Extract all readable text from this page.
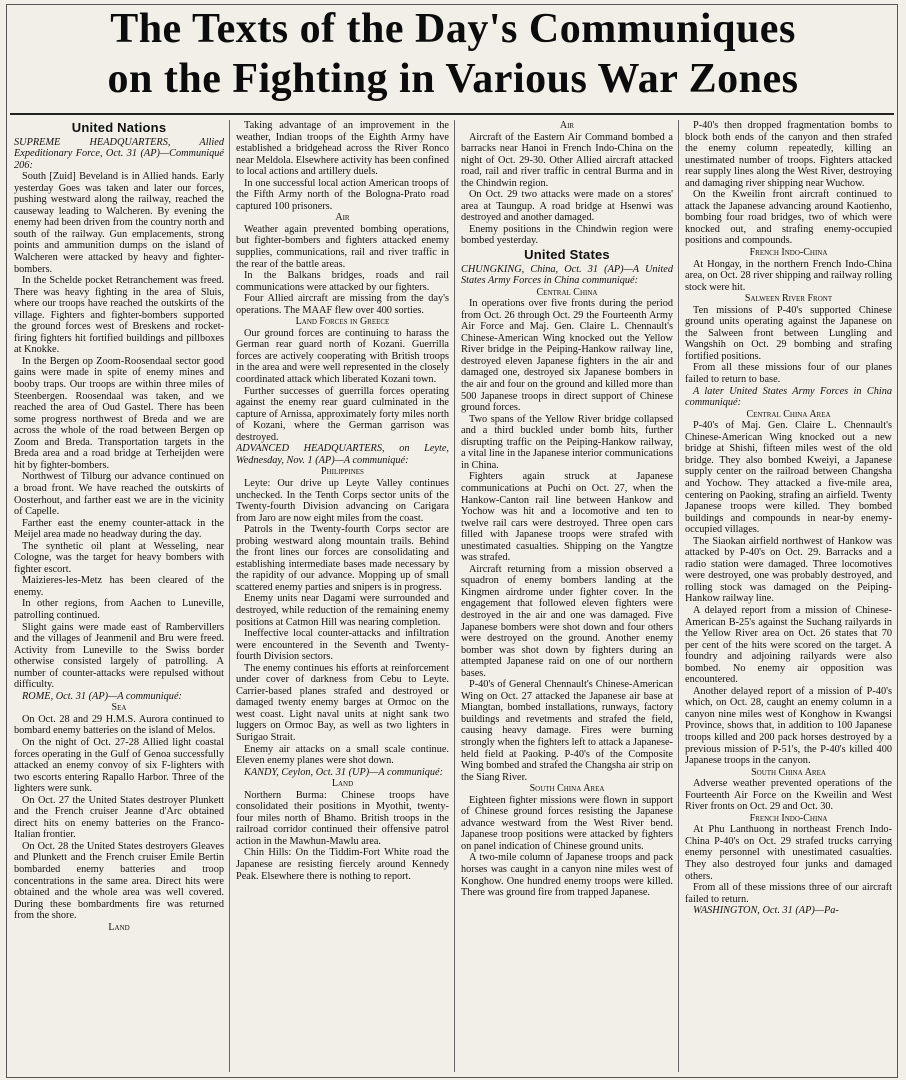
The Texts of the Day's Communiques
on the Fighting in Various War Zones
United Nations

SUPREME HEADQUARTERS, Allied Expeditionary Force, Oct. 31 (AP)—Communiqué 206:

South [Zuid] Beveland is in Allied hands. Early yesterday Goes was taken and later our forces, pushing westward along the railway, reached the causeway leading to Walcheren. By evening the enemy had been driven from the country north and south of the railway. Gun emplacements, strong points and ammunition dumps on the island of Walcheren were attacked by heavy and fighter-bombers.

In the Schelde pocket Retranchement was freed. There was heavy fighting in the area of Sluis, where our troops have reached the outskirts of the village. Fighters and fighter-bombers supported the ground forces west of Breskens and rocket-firing fighters hit fortified buildings and pillboxes at Knokke.

In the Bergen op Zoom-Roosendaal sector good gains were made in spite of enemy mines and booby traps. Our troops are within three miles of Steenbergen. Roosendaal was taken, and we reached the area of Oud Gastel. There has been some progress northwest of Breda and we are across the whole of the road between Bergen op Zoom and Breda. Transportation targets in the Breda area and a road bridge at Terheijden were hit by fighter-bombers.

Northwest of Tilburg our advance continued on a broad front. We have reached the outskirts of Oosterhout, and farther east we are in the vicinity of Capelle.

Farther east the enemy counter-attack in the Meijel area made no headway during the day.

The synthetic oil plant at Wesseling, near Cologne, was the target for heavy bombers with fighter escort.

Maizieres-les-Metz has been cleared of the enemy.

In other regions, from Aachen to Luneville, patrolling continued.

Slight gains were made east of Rambervillers and the villages of Jeanmenil and Bru were freed. Activity from Luneville to the Swiss border otherwise consisted largely of patrolling. A number of counter-attacks were repulsed without difficulty.

ROME, Oct. 31 (AP)—A communiqué:

Sea

On Oct. 28 and 29 H.M.S. Aurora continued to bombard enemy batteries on the island of Melos.

On the night of Oct. 27-28 Allied light coastal forces operating in the Gulf of Genoa successfully attacked an enemy convoy of six F-lighters with two escorts entering Rapallo Harbor. Three of the lighters were sunk.

On Oct. 27 the United States destroyer Plunkett and the French cruiser Jeanne d'Arc obtained direct hits on enemy batteries on the Franco-Italian frontier.

On Oct. 28 the United States destroyers Gleaves and Plunkett and the French cruiser Emile Bertin bombarded enemy batteries and troop concentrations in the same area. Direct hits were obtained and the whole area was well covered. During these bombardments fire was returned from the shore.

Land

Taking advantage of an improvement in the weather, Indian troops of the Eighth Army have established a bridgehead across the River Ronco near Meldola. Elsewhere activity has been confined to local actions and artillery duels.

In one successful local action American troops of the Fifth Army north of the Bologna-Prato road captured 100 prisoners.

Air

Weather again prevented bombing operations, but fighter-bombers and fighters attacked enemy supplies, communications, rail and river traffic in the rear of the battle areas.

In the Balkans bridges, roads and rail communications were attacked by our fighters.

Four Allied aircraft are missing from the day's operations. The MAAF flew over 400 sorties.

Land Forces in Greece

Our ground forces are continuing to harass the German rear guard north of Kozani. Guerrilla forces are actively cooperating with British troops in the area and were well represented in the closely coordinated attack which liberated Kozani town.

Further successes of guerrilla forces operating against the enemy rear guard culminated in the capture of Arnissa, approximately forty miles north of Kozani, where the German garrison was destroyed.

ADVANCED HEADQUARTERS, on Leyte, Wednesday, Nov. 1 (AP)—A communiqué:

Philippines

Leyte: Our drive up Leyte Valley continues unchecked. In the Tenth Corps sector units of the Twenty-fourth Division advancing on Carigara from Jaro are now eight miles from the coast.

Patrols in the Twenty-fourth Corps sector are probing westward along mountain trails. Behind the front lines our forces are consolidating and establishing intermediate bases made necessary by the rapidity of our advance. Mopping up of small scattered enemy parties and snipers is in progress.

Enemy units near Dagami were surrounded and destroyed, while reduction of the remaining enemy positions at Catmon Hill was nearing completion.

Ineffective local counter-attacks and infiltration were encountered in the Seventh and Twenty-fourth Division sectors.

The enemy continues his efforts at reinforcement under cover of darkness from Cebu to Leyte. Carrier-based planes strafed and destroyed or damaged twenty enemy barges at Ormoc on the west coast. Light naval units at night sank two luggers on Ormoc Bay, as well as two lighters in Surigao Strait.

Enemy air attacks on a small scale continue. Eleven enemy planes were shot down.

KANDY, Ceylon, Oct. 31 (UP)—A communiqué:

Land

Northern Burma: Chinese troops have consolidated their positions in Myothit, twenty-four miles north of Bhamo. British troops in the railroad corridor continued their offensive patrol action in the Mawhun-Mawlu area.

Chin Hills: On the Tiddim-Fort White road the Japanese are resisting fiercely around Kennedy Peak. Elsewhere there is nothing to report.

Air

Aircraft of the Eastern Air Command bombed a barracks near Hanoi in French Indo-China on the night of Oct. 29-30. Other Allied aircraft attacked road, rail and river traffic in central Burma and in the Chindwin region.

On Oct. 29 two attacks were made on a stores' area at Taungup. A road bridge at Hsenwi was destroyed and another damaged.

Enemy positions in the Chindwin region were bombed yesterday.

United States

CHUNGKING, China, Oct. 31 (AP)—A United States Army Forces in China communiqué:

Central China

In operations over five fronts during the period from Oct. 26 through Oct. 29 the Fourteenth Army Air Force and Maj. Gen. Claire L. Chennault's Chinese-American Wing knocked out the Yellow River bridge in the Peiping-Hankow railway line, destroyed eleven Japanese fighters in the air and damaged one, destroyed six Japanese bombers in the air and four on the ground and killed more than 500 Japanese troops in direct support of Chinese ground forces.

Two spans of the Yellow River bridge collapsed and a third buckled under bomb hits, further disrupting traffic on the Peiping-Hankow railway, a vital line in the Japanese interior communications in China.

Fighters again struck at Japanese communications at Puchi on Oct. 27, when the Hankow-Canton rail line between Hankow and Yochow was hit and a locomotive and ten to twelve rail cars were destroyed. Three open cars filled with Japanese troops were strafed with unestimated casualties. Shipping on the Yangtze was strafed.

Aircraft returning from a mission observed a squadron of enemy bombers landing at the Kingmen airdrome under fighter cover. In the engagement that followed eleven fighters were destroyed in the air and one was damaged. Five Japanese bombers were shot down and four others were destroyed on the ground. Another enemy bomber was shot down by fighters during an attempted Japanese raid on one of our northern bases.

P-40's of General Chennault's Chinese-American Wing on Oct. 27 attacked the Japanese air base at Miangtan, bombed installations, runways, factory buildings and revetments and strafed the field, causing heavy damage. Fires were burning strongly when the fighters left to attack a Japanese-held field at Paoking. P-40's of the Composite Wing bombed and strafed the Changsha air strip on the Siang River.

South China Area

Eighteen fighter missions were flown in support of Chinese ground forces resisting the Japanese advance westward from the West River bend. Japanese troop positions were attacked by fighters on panel indication of Chinese ground units.

A two-mile column of Japanese troops and pack horses was caught in a canyon nine miles west of Konghow. One hundred enemy troops were killed. There was ground fire from trapped Japanese.

P-40's then dropped fragmentation bombs to block both ends of the canyon and then strafed the enemy column repeatedly, killing an unestimated number of troops. Fighters attacked rear supply lines along the West River, destroying and damaging river shipping near Wuchow.

On the Kweilin front aircraft continued to attack the Japanese advancing around Kaotienho, bombing four road bridges, two of which were knocked out, and strafing enemy-occupied positions and compounds.

French Indo-China

At Hongay, in the northern French Indo-China area, on Oct. 28 river shipping and railway rolling stock were hit.

Salween River Front

Ten missions of P-40's supported Chinese ground units operating against the Japanese on the Salween front between Lungling and Wangshih on Oct. 29 bombing and strafing fortified positions.

From all these missions four of our planes failed to return to base.

A later United States Army Forces in China communiqué:

Central China Area

P-40's of Maj. Gen. Claire L. Chennault's Chinese-American Wing knocked out a new bridge at Shishi, fifteen miles west of the old bridge. They also bombed Kweiyi, a Japanese supply center on the railroad between Changsha and Yochow. They attacked a five-mile area, centering on Paoking, strafing an airfield. Twenty Japanese troops were killed. They bombed buildings and compounds in near-by enemy-occupied villages.

The Siaokan airfield northwest of Hankow was attacked by P-40's on Oct. 29. Barracks and a radio station were damaged. Three locomotives were destroyed, one was probably destroyed, and rolling stock was damaged on the Peiping-Hankow railway line.

A delayed report from a mission of Chinese-American B-25's against the Suchang railyards in the Yellow River area on Oct. 26 states that 70 per cent of the hits were scored on the target. A foundry and adjoining railyards were also bombed. No enemy air opposition was encountered.

Another delayed report of a mission of P-40's which, on Oct. 28, caught an enemy column in a canyon nine miles west of Konghow in Kwangsi Province, shows that, in addition to 100 Japanese troops killed and 200 pack horses destroyed by a previous mission of P-51's, the P-40's killed 400 Japanese troops in the canyon.

South China Area

Adverse weather prevented operations of the Fourteenth Air Force on the Kweilin and West River fronts on Oct. 29 and Oct. 30.

French Indo-China

At Phu Lanthuong in northeast French Indo-China P-40's on Oct. 29 strafed trucks carrying enemy personnel with unestimated casualties. They also destroyed four junks and damaged others.

From all of these missions three of our aircraft failed to return.

WASHINGTON, Oct. 31 (AP)—Pa-
